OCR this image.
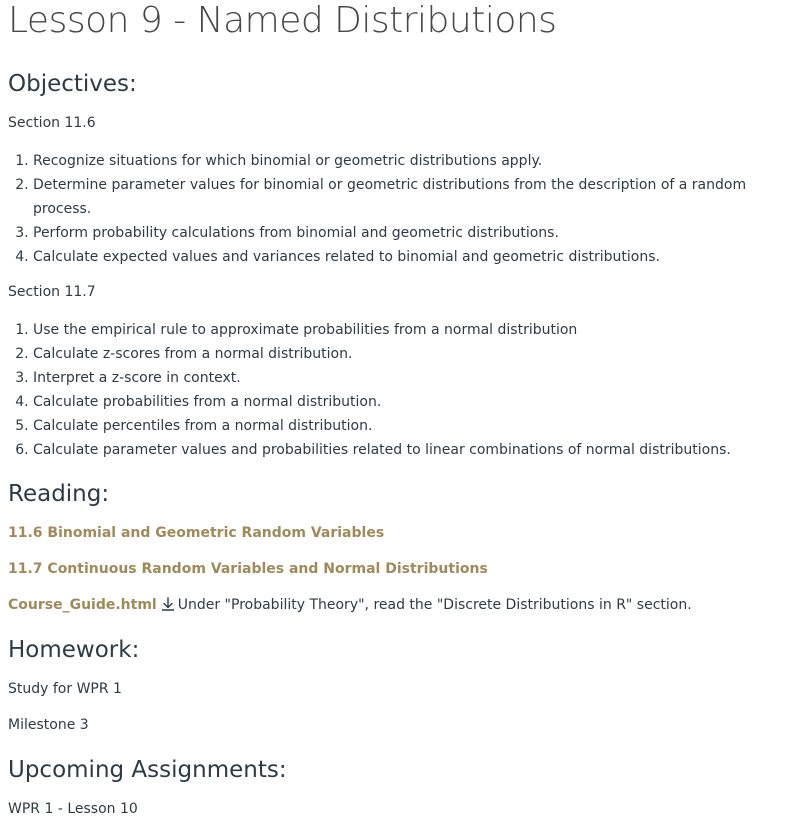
Lesson 9 - Named Distributions
Objectives:

Section 11.6

1. Recognize situations for which binomial or geometric distributions apply.
2. Determine parameter values for binomial or geometric distributions from the description of a random process.
3. Perform probability calculations from binomial and geometric distributions.
4. Calculate expected values and variances related to binomial and geometric distributions.

Section 11.7

1. Use the empirical rule to approximate probabilities from a normal distribution
2. Calculate z-scores from a normal distribution.
3. Interpret a z-score in context.
4. Calculate probabilities from a normal distribution.
5. Calculate percentiles from a normal distribution.
6. Calculate parameter values and probabilities related to linear combinations of normal distributions.
Reading:

11.6 Binomial and Geometric Random Variables

11.7 Continuous Random Variables and Normal Distributions

Course_Guide.html Under "Probability Theory", read the "Discrete Distributions in R" section.

Homework:

Study for WPR 1

Milestone 3

Upcoming Assignments:

WPR 1 - Lesson 10
